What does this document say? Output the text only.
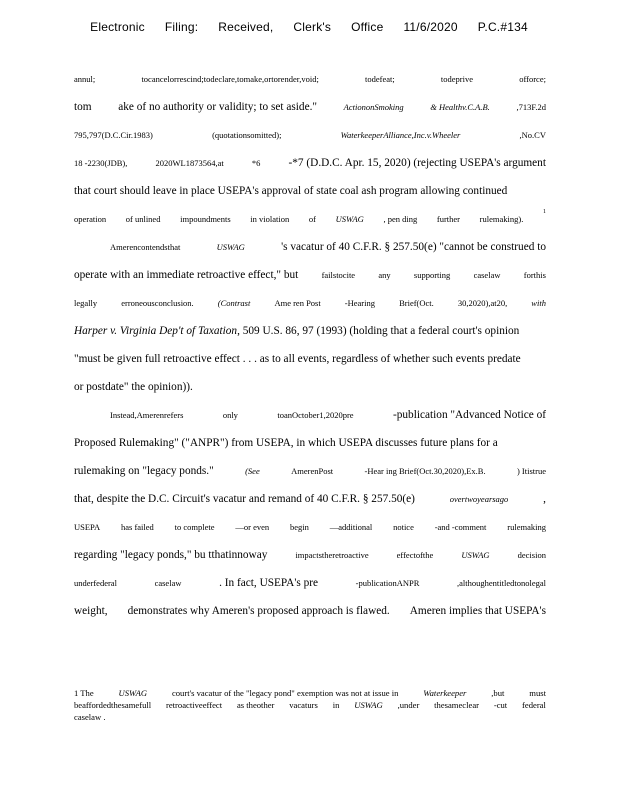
Electronic Filing: Received, Clerk's Office 11/6/2020 P.C.#134
annul;	tocancelorrescind;todeclare,tomake,ortorender,void;	todefeat;	todeprive	offorce;
tom ake of no authority or validity; to set aside."	ActiononSmoking	& Healthv.C.A.B.	,713F.2d
795,797(D.C.Cir.1983)	(quotationsomitted);	WaterkeeperAlliance,Inc.v.Wheeler	,No.CV
18 -2230(JDB),	2020WL1873564,at	*6 -*7 (D.D.C. Apr. 15, 2020) (rejecting USEPA's argument
that court should leave in place USEPA's approval of state coal ash program allowing continued
operation of unlined impoundments in violation of USWAG , pen ding further rulemaking).
1
Amerencontendsthat	USWAG	's vacatur of 40 C.F.R. § 257.50(e) "cannot be construed to
operate with an immediate retroactive effect," but	failstocite	any	supporting	caselaw	forthis
legally	erroneousconclusion.	(Contrast	Ame ren Post	-Hearing	Brief(Oct.	30,2020),at20,	with
Harper v. Virginia Dep't of Taxation, 509 U.S. 86, 97 (1993) (holding that a federal court's opinion
"must be given full retroactive effect . . . as to all events, regardless of whether such events predate
or postdate" the opinion)).
Instead,Amerenrefers	only	toanOctober1,2020pre	-publication "Advanced Notice of
Proposed Rulemaking" ("ANPR") from USEPA, in which USEPA discusses future plans for a
rulemaking on "legacy ponds."	(See	AmerenPost	-Hear ing Brief(Oct.30,2020),Ex.B.	) Itistrue
that, despite the D.C. Circuit's vacatur and remand of 40 C.F.R. § 257.50(e)	overtwoyearsago	,
USEPA has failed to complete —or even begin —additional notice -and -comment rulemaking
regarding "legacy ponds," bu tthatinnoway	impactstheretroactive	effectofthe	USWAG	decision
underfederal	caselaw	. In fact, USEPA's pre	-publicationANPR	,althoughentitledtonolegal
weight, demonstrates why Ameren's proposed approach is flawed. Ameren implies that USEPA's
1 The	USWAG	court's vacatur of the "legacy pond" exemption was not at issue in	Waterkeeper	,but	must
beaffordedthesamefull retroactiveeffect as theother vacaturs in USWAG ,under thesameclear -cut federal
caselaw .
